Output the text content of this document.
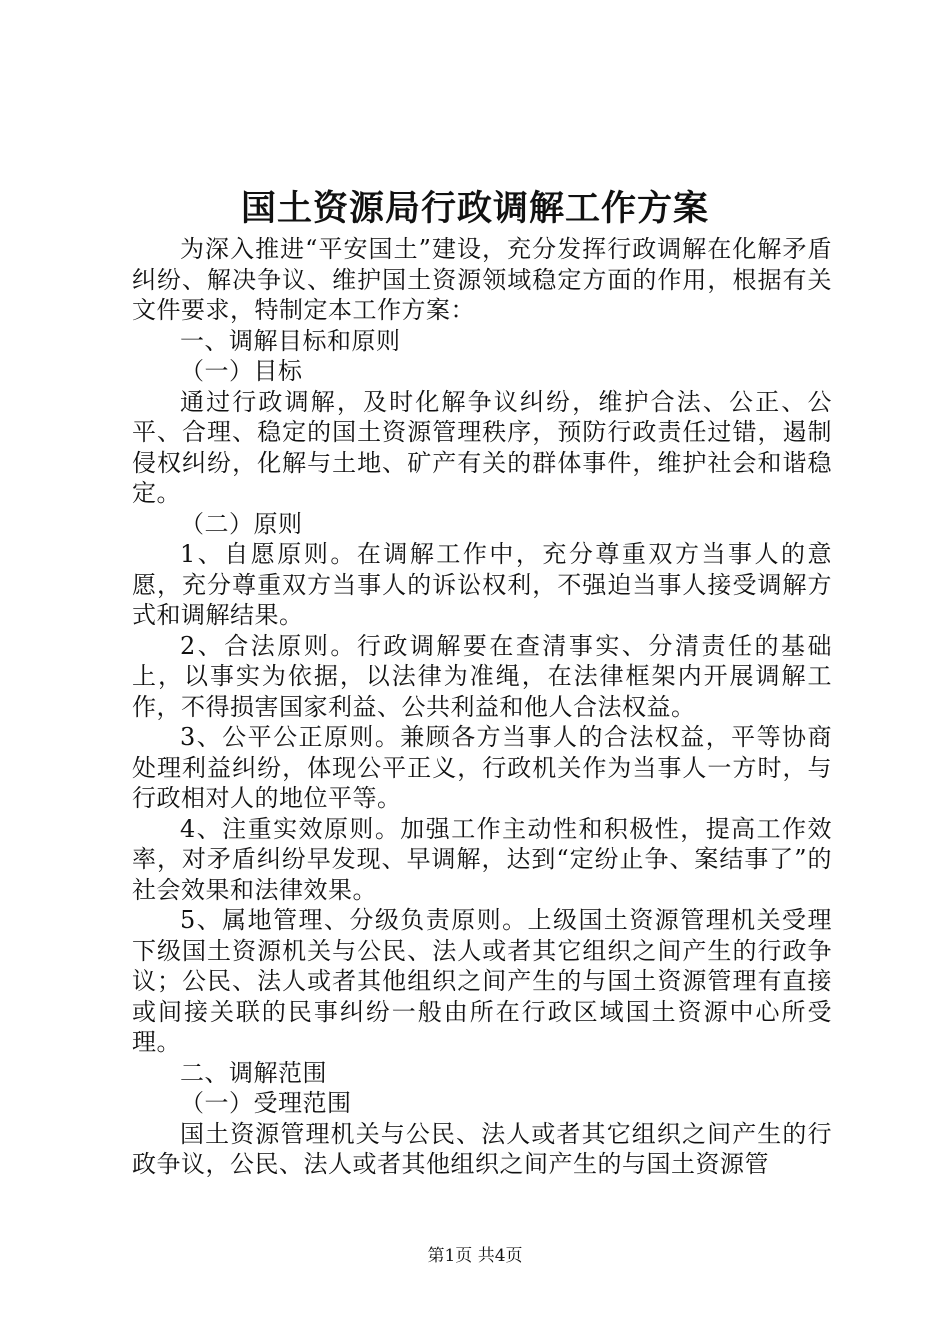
国土资源局行政调解工作方案

为深入推进“平安国土”建设，充分发挥行政调解在化解矛盾纠纷、解决争议、维护国土资源领域稳定方面的作用，根据有关文件要求，特制定本工作方案：

一、调解目标和原则

（一）目标

通过行政调解，及时化解争议纠纷，维护合法、公正、公平、合理、稳定的国土资源管理秩序，预防行政责任过错，遏制侵权纠纷，化解与土地、矿产有关的群体事件，维护社会和谐稳定。

（二）原则

1、自愿原则。在调解工作中，充分尊重双方当事人的意愿，充分尊重双方当事人的诉讼权利，不强迫当事人接受调解方式和调解结果。

2、合法原则。行政调解要在查清事实、分清责任的基础上，以事实为依据，以法律为准绳，在法律框架内开展调解工作，不得损害国家利益、公共利益和他人合法权益。

3、公平公正原则。兼顾各方当事人的合法权益，平等协商处理利益纠纷，体现公平正义，行政机关作为当事人一方时，与行政相对人的地位平等。

4、注重实效原则。加强工作主动性和积极性，提高工作效率，对矛盾纠纷早发现、早调解，达到“定纷止争、案结事了”的社会效果和法律效果。

5、属地管理、分级负责原则。上级国土资源管理机关受理下级国土资源机关与公民、法人或者其它组织之间产生的行政争议；公民、法人或者其他组织之间产生的与国土资源管理有直接或间接关联的民事纠纷一般由所在行政区域国土资源中心所受理。

二、调解范围

（一）受理范围

国土资源管理机关与公民、法人或者其它组织之间产生的行政争议，公民、法人或者其他组织之间产生的与国土资源管

第1页 共4页
